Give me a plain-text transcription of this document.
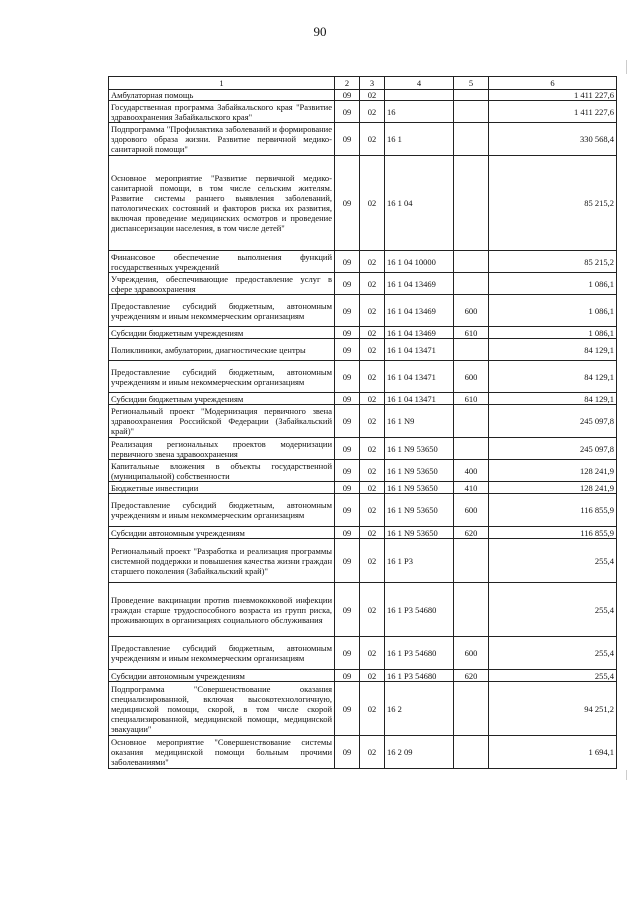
90
1	2	3	4	5	6
Амбулаторная помощь	09	02			1 411 227,6
Государственная программа Забайкальского края "Развитие здравоохранения Забайкальского края"	09	02	16		1 411 227,6
Подпрограмма "Профилактика заболеваний и формирование здорового образа жизни. Развитие первичной медико-санитарной помощи"	09	02	16 1		330 568,4
Основное мероприятие "Развитие первичной медико-санитарной помощи, в том числе сельским жителям. Развитие системы раннего выявления заболеваний, патологических состояний и факторов риска их развития, включая проведение медицинских осмотров и проведение диспансеризации населения, в том числе детей"	09	02	16 1 04		85 215,2
Финансовое обеспечение выполнения функций государственных учреждений	09	02	16 1 04 10000		85 215,2
Учреждения, обеспечивающие предоставление услуг в сфере здравоохранения	09	02	16 1 04 13469		1 086,1
Предоставление субсидий бюджетным, автономным учреждениям и иным некоммерческим организациям	09	02	16 1 04 13469	600	1 086,1
Субсидии бюджетным учреждениям	09	02	16 1 04 13469	610	1 086,1
Поликлиники, амбулатории, диагностические центры	09	02	16 1 04 13471		84 129,1
Предоставление субсидий бюджетным, автономным учреждениям и иным некоммерческим организациям	09	02	16 1 04 13471	600	84 129,1
Субсидии бюджетным учреждениям	09	02	16 1 04 13471	610	84 129,1
Региональный проект "Модернизация первичного звена здравоохранения Российской Федерации (Забайкальский край)"	09	02	16 1 N9		245 097,8
Реализация региональных проектов модернизации первичного звена здравоохранения	09	02	16 1 N9 53650		245 097,8
Капитальные вложения в объекты государственной (муниципальной) собственности	09	02	16 1 N9 53650	400	128 241,9
Бюджетные инвестиции	09	02	16 1 N9 53650	410	128 241,9
Предоставление субсидий бюджетным, автономным учреждениям и иным некоммерческим организациям	09	02	16 1 N9 53650	600	116 855,9
Субсидии автономным учреждениям	09	02	16 1 N9 53650	620	116 855,9
Региональный проект "Разработка и реализация программы системной поддержки и повышения качества жизни граждан старшего поколения (Забайкальский край)"	09	02	16 1 P3		255,4
Проведение вакцинации против пневмококковой инфекции граждан старше трудоспособного возраста из групп риска, проживающих в организациях социального обслуживания	09	02	16 1 P3 54680		255,4
Предоставление субсидий бюджетным, автономным учреждениям и иным некоммерческим организациям	09	02	16 1 P3 54680	600	255,4
Субсидии автономным учреждениям	09	02	16 1 P3 54680	620	255,4
Подпрограмма "Совершенствование оказания специализированной, включая высокотехнологичную, медицинской помощи, скорой, в том числе скорой специализированной, медицинской помощи, медицинской эвакуации"	09	02	16 2		94 251,2
Основное мероприятие "Совершенствование системы оказания медицинской помощи больным прочими заболеваниями"	09	02	16 2 09		1 694,1
